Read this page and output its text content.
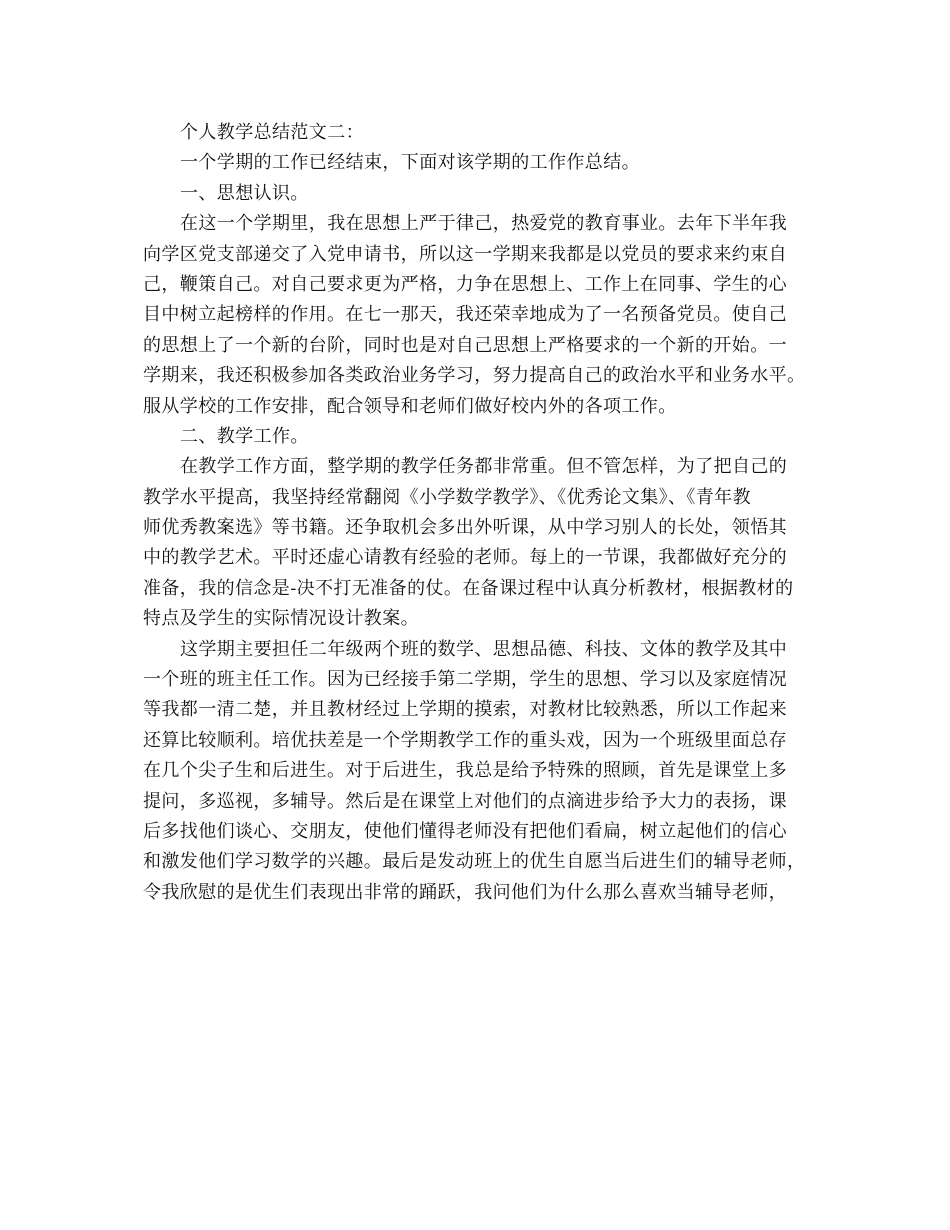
个人教学总结范文二：

一个学期的工作已经结束，下面对该学期的工作作总结。

一、思想认识。

在这一个学期里，我在思想上严于律己，热爱党的教育事业。去年下半年我

向学区党支部递交了入党申请书，所以这一学期来我都是以党员的要求来约束自

己，鞭策自己。对自己要求更为严格，力争在思想上、工作上在同事、学生的心

目中树立起榜样的作用。在七一那天，我还荣幸地成为了一名预备党员。使自己

的思想上了一个新的台阶，同时也是对自己思想上严格要求的一个新的开始。一

学期来，我还积极参加各类政治业务学习，努力提高自己的政治水平和业务水平。

服从学校的工作安排，配合领导和老师们做好校内外的各项工作。

二、教学工作。

在教学工作方面，整学期的教学任务都非常重。但不管怎样，为了把自己的

教学水平提高，我坚持经常翻阅《小学数学教学》、《优秀论文集》、《青年教

师优秀教案选》等书籍。还争取机会多出外听课，从中学习别人的长处，领悟其

中的教学艺术。平时还虚心请教有经验的老师。每上的一节课，我都做好充分的

准备，我的信念是-决不打无准备的仗。在备课过程中认真分析教材，根据教材的

特点及学生的实际情况设计教案。

这学期主要担任二年级两个班的数学、思想品德、科技、文体的教学及其中

一个班的班主任工作。因为已经接手第二学期，学生的思想、学习以及家庭情况

等我都一清二楚，并且教材经过上学期的摸索，对教材比较熟悉，所以工作起来

还算比较顺利。培优扶差是一个学期教学工作的重头戏，因为一个班级里面总存

在几个尖子生和后进生。对于后进生，我总是给予特殊的照顾，首先是课堂上多

提问，多巡视，多辅导。然后是在课堂上对他们的点滴进步给予大力的表扬，课

后多找他们谈心、交朋友，使他们懂得老师没有把他们看扁，树立起他们的信心

和激发他们学习数学的兴趣。最后是发动班上的优生自愿当后进生们的辅导老师，

令我欣慰的是优生们表现出非常的踊跃，我问他们为什么那么喜欢当辅导老师，
